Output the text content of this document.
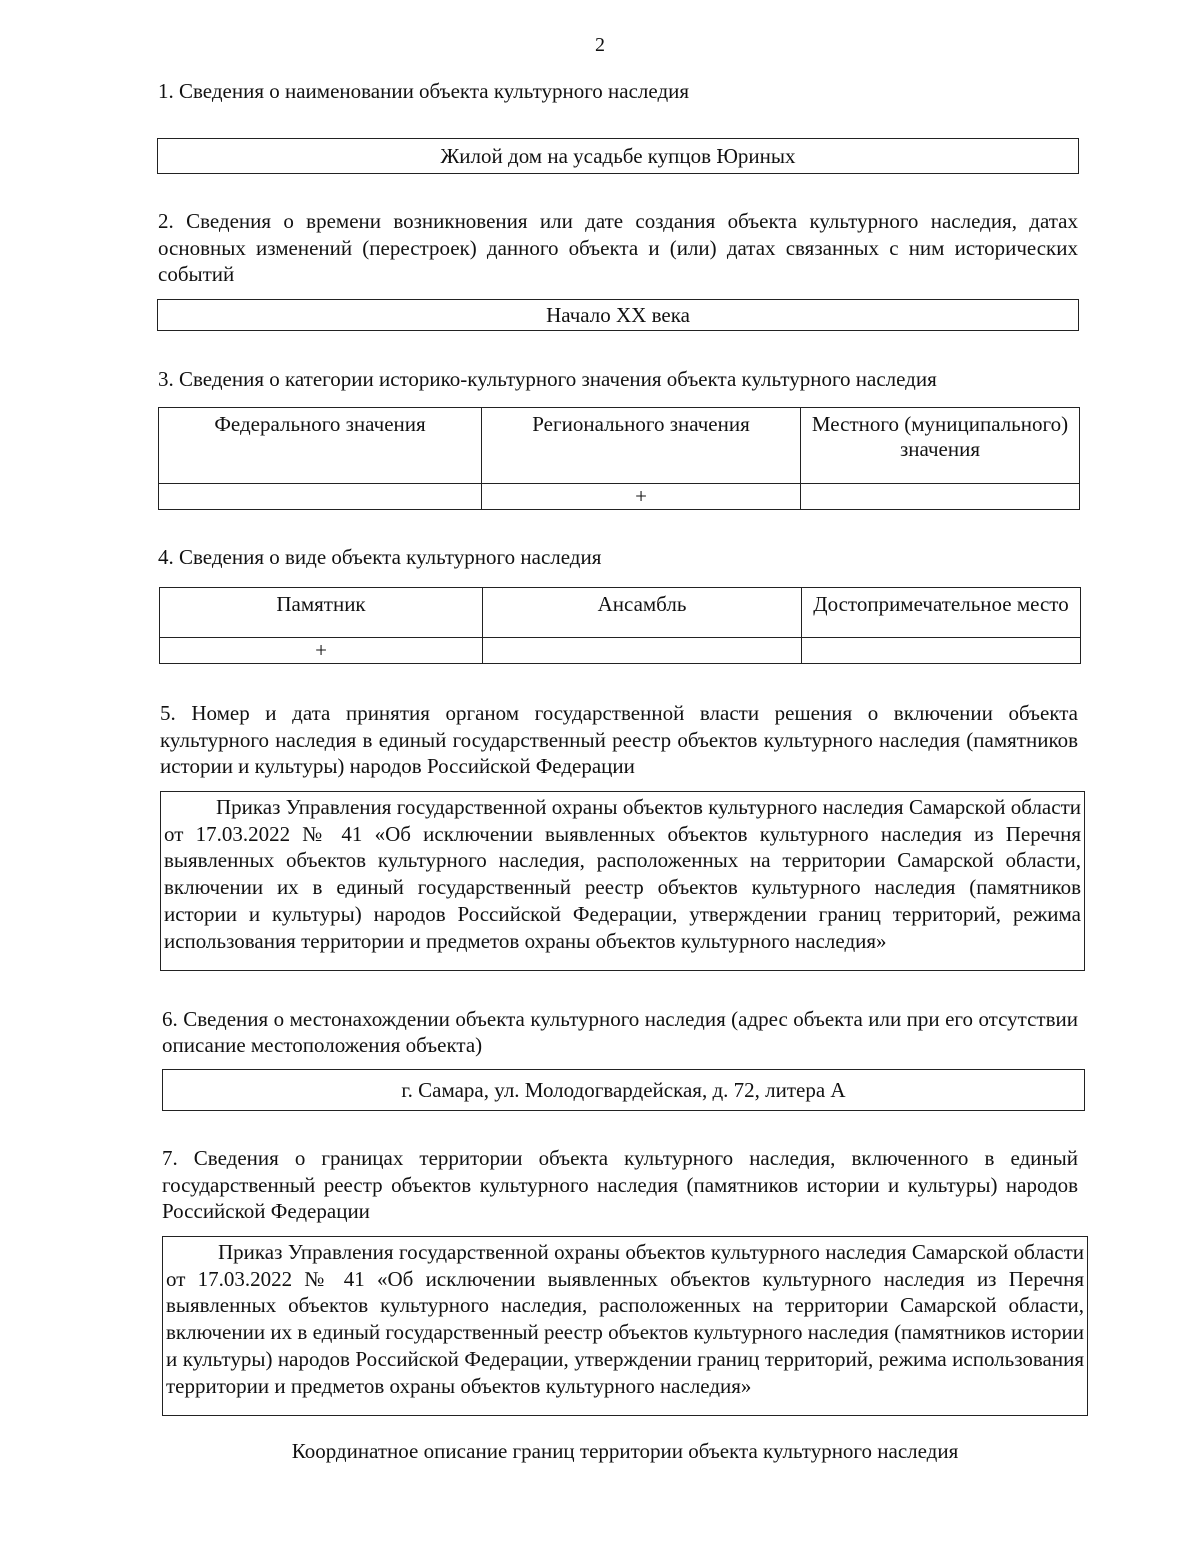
2
1. Сведения о наименовании объекта культурного наследия
Жилой дом на усадьбе купцов Юриных
2. Сведения о времени возникновения или дате создания объекта культурного наследия, датах основных изменений (перестроек) данного объекта и (или) датах связанных с ним исторических событий
Начало XX века
3. Сведения о категории историко-культурного значения объекта культурного наследия
Федерального значения	Регионального значения	Местного (муниципального) значения
	+	
4. Сведения о виде объекта культурного наследия
Памятник	Ансамбль	Достопримечательное место
+		
5. Номер и дата принятия органом государственной власти решения о включении объекта культурного наследия в единый государственный реестр объектов культурного наследия (памятников истории и культуры) народов Российской Федерации
Приказ Управления государственной охраны объектов культурного наследия Самарской области от 17.03.2022 № 41 «Об исключении выявленных объектов культурного наследия из Перечня выявленных объектов культурного наследия, расположенных на территории Самарской области, включении их в единый государственный реестр объектов культурного наследия (памятников истории и культуры) народов Российской Федерации, утверждении границ территорий, режима использования территории и предметов охраны объектов культурного наследия»
6. Сведения о местонахождении объекта культурного наследия (адрес объекта или при его отсутствии описание местоположения объекта)
г. Самара, ул. Молодогвардейская, д. 72, литера А
7. Сведения о границах территории объекта культурного наследия, включенного в единый государственный реестр объектов культурного наследия (памятников истории и культуры) народов Российской Федерации
Приказ Управления государственной охраны объектов культурного наследия Самарской области от 17.03.2022 № 41 «Об исключении выявленных объектов культурного наследия из Перечня выявленных объектов культурного наследия, расположенных на территории Самарской области, включении их в единый государственный реестр объектов культурного наследия (памятников истории и культуры) народов Российской Федерации, утверждении границ территорий, режима использования территории и предметов охраны объектов культурного наследия»
Координатное описание границ территории объекта культурного наследия
